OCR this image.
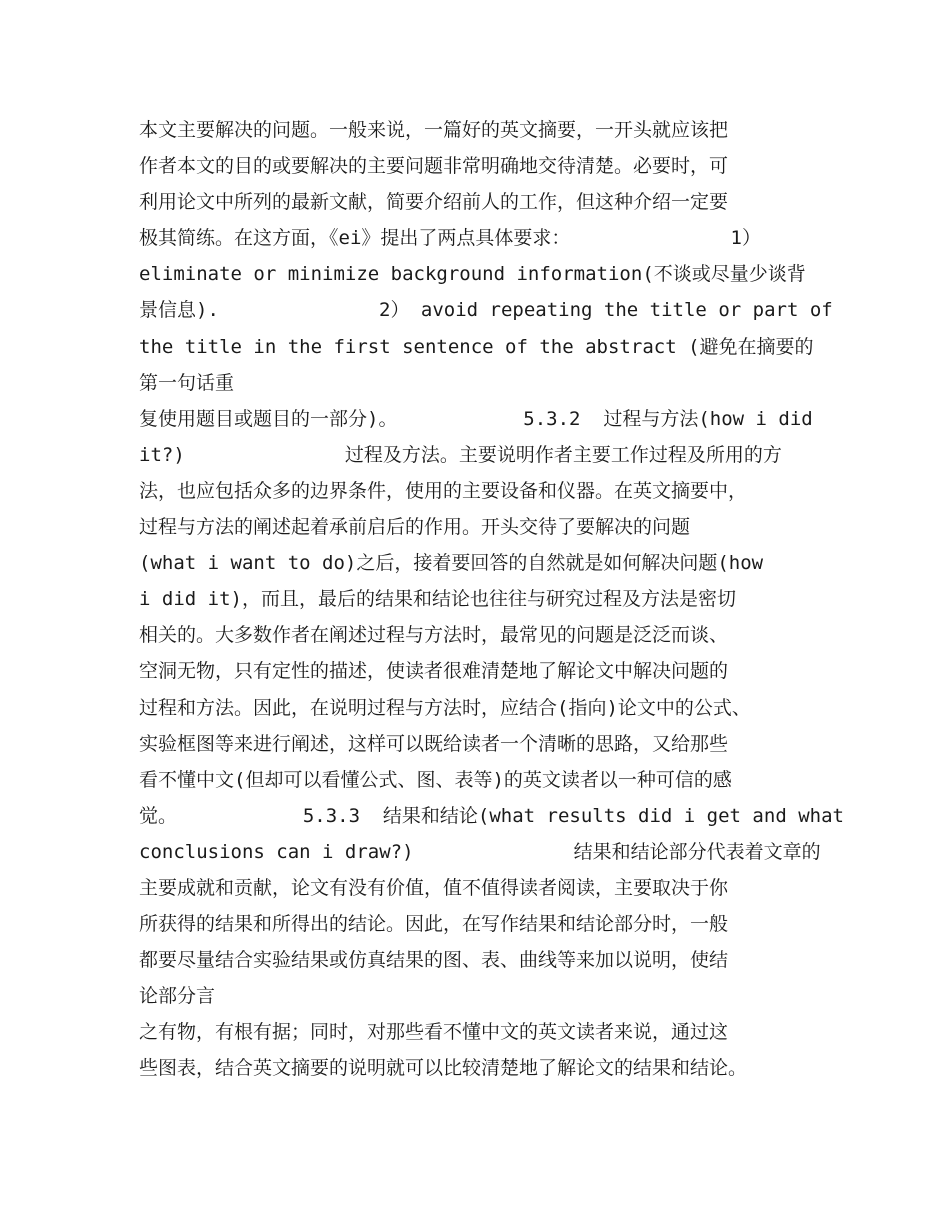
本文主要解决的问题。一般来说，一篇好的英文摘要，一开头就应该把
作者本文的目的或要解决的主要问题非常明确地交待清楚。必要时，可
利用论文中所列的最新文献，简要介绍前人的工作，但这种介绍一定要
极其简练。在这方面，《ei》提出了两点具体要求：              1）
eliminate or minimize background information(不谈或尽量少谈背
景信息).              2） avoid repeating the title or part of
the title in the first sentence of the abstract (避免在摘要的
第一句话重
复使用题目或题目的一部分)。           5.3.2  过程与方法(how i did
it?)              过程及方法。主要说明作者主要工作过程及所用的方
法，也应包括众多的边界条件，使用的主要设备和仪器。在英文摘要中，
过程与方法的阐述起着承前启后的作用。开头交待了要解决的问题
(what i want to do)之后，接着要回答的自然就是如何解决问题(how
i did it)，而且，最后的结果和结论也往往与研究过程及方法是密切
相关的。大多数作者在阐述过程与方法时，最常见的问题是泛泛而谈、
空洞无物，只有定性的描述，使读者很难清楚地了解论文中解决问题的
过程和方法。因此，在说明过程与方法时，应结合(指向)论文中的公式、
实验框图等来进行阐述，这样可以既给读者一个清晰的思路，又给那些
看不懂中文(但却可以看懂公式、图、表等)的英文读者以一种可信的感
觉。           5.3.3  结果和结论(what results did i get and what
conclusions can i draw?)              结果和结论部分代表着文章的
主要成就和贡献，论文有没有价值，值不值得读者阅读，主要取决于你
所获得的结果和所得出的结论。因此，在写作结果和结论部分时，一般
都要尽量结合实验结果或仿真结果的图、表、曲线等来加以说明，使结
论部分言
之有物，有根有据；同时，对那些看不懂中文的英文读者来说，通过这
些图表，结合英文摘要的说明就可以比较清楚地了解论文的结果和结论。
